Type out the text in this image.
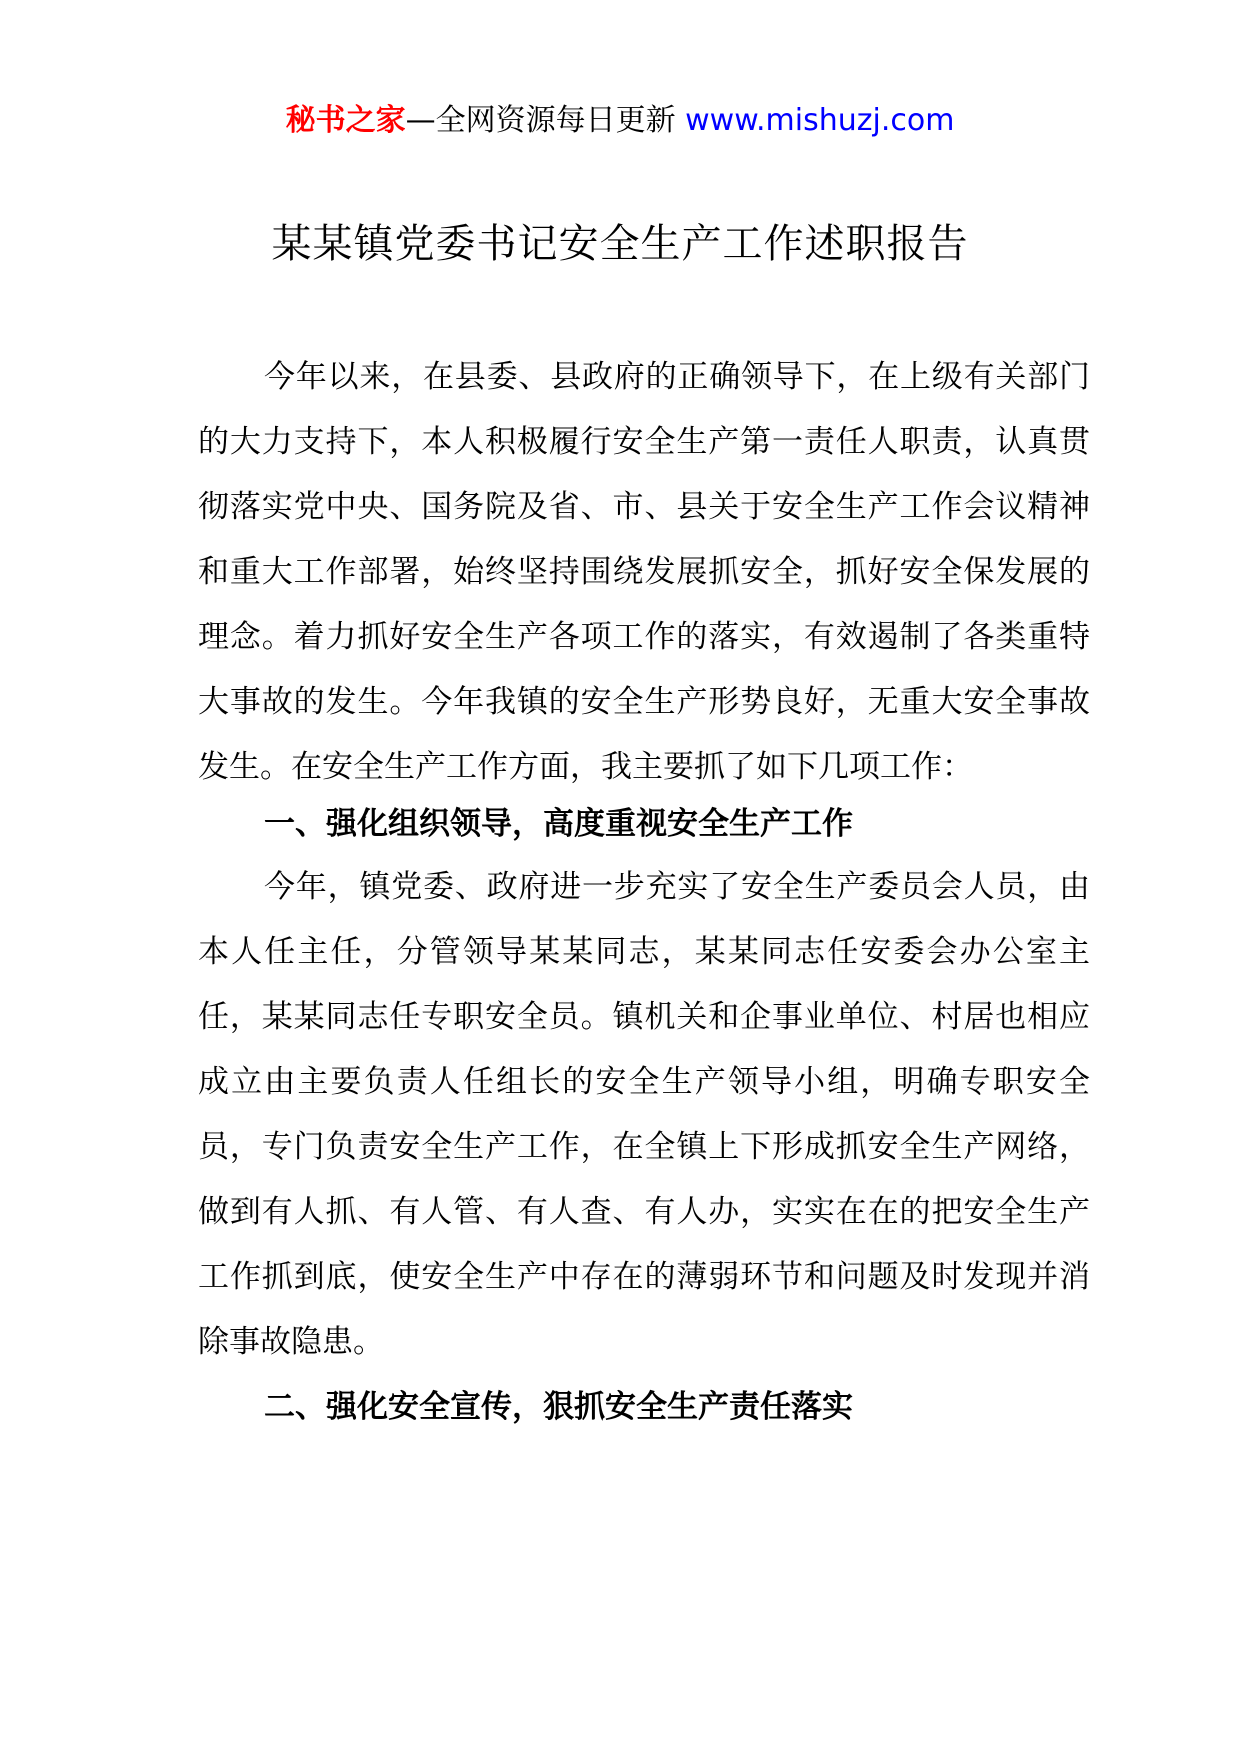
秘书之家—全网资源每日更新 www.mishuzj.com
某某镇党委书记安全生产工作述职报告

今年以来，在县委、县政府的正确领导下，在上级有关部门的大力支持下，本人积极履行安全生产第一责任人职责，认真贯彻落实党中央、国务院及省、市、县关于安全生产工作会议精神和重大工作部署，始终坚持围绕发展抓安全，抓好安全保发展的理念。着力抓好安全生产各项工作的落实，有效遏制了各类重特大事故的发生。今年我镇的安全生产形势良好，无重大安全事故发生。在安全生产工作方面，我主要抓了如下几项工作：

一、强化组织领导，高度重视安全生产工作

今年，镇党委、政府进一步充实了安全生产委员会人员，由本人任主任，分管领导某某同志，某某同志任安委会办公室主任，某某同志任专职安全员。镇机关和企事业单位、村居也相应成立由主要负责人任组长的安全生产领导小组，明确专职安全员，专门负责安全生产工作，在全镇上下形成抓安全生产网络，做到有人抓、有人管、有人查、有人办，实实在在的把安全生产工作抓到底，使安全生产中存在的薄弱环节和问题及时发现并消除事故隐患。

二、强化安全宣传，狠抓安全生产责任落实
